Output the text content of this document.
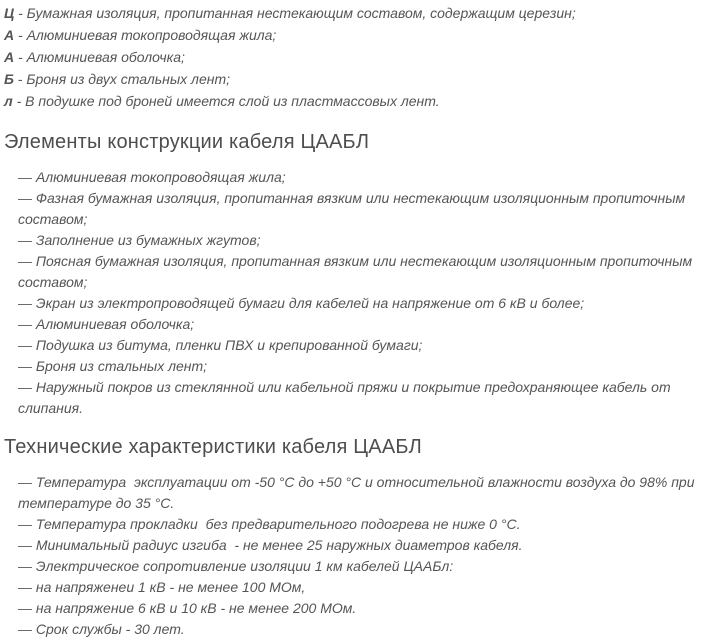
Ц - Бумажная изоляция, пропитанная нестекающим составом, содержащим церезин;
А - Алюминиевая токопроводящая жила;
А - Алюминиевая оболочка;
Б - Броня из двух стальных лент;
л - В подушке под броней имеется слой из пластмассовых лент.
Элементы конструкции кабеля ЦААБЛ
— Алюминиевая токопроводящая жила;
— Фазная бумажная изоляция, пропитанная вязким или нестекающим изоляционным пропиточным составом;
— Заполнение из бумажных жгутов;
— Поясная бумажная изоляция, пропитанная вязким или нестекающим изоляционным пропиточным составом;
— Экран из электропроводящей бумаги для кабелей на напряжение от 6 кВ и более;
— Алюминиевая оболочка;
— Подушка из битума, пленки ПВХ и крепированной бумаги;
— Броня из стальных лент;
— Наружный покров из стеклянной или кабельной пряжи и покрытие предохраняющее кабель от слипания.
Технические характеристики кабеля ЦААБЛ
— Температура  эксплуатации от -50 °С до +50 °С и относительной влажности воздуха до 98% при температуре до 35 °С.
— Температура прокладки  без предварительного подогрева не ниже 0 °С.
— Минимальный радиус изгиба  - не менее 25 наружных диаметров кабеля.
— Электрическое сопротивление изоляции 1 км кабелей ЦААБл:
— на напряженеи 1 кВ - не менее 100 МОм,
— на напряжение 6 кВ и 10 кВ - не менее 200 МОм.
— Срок службы - 30 лет.
